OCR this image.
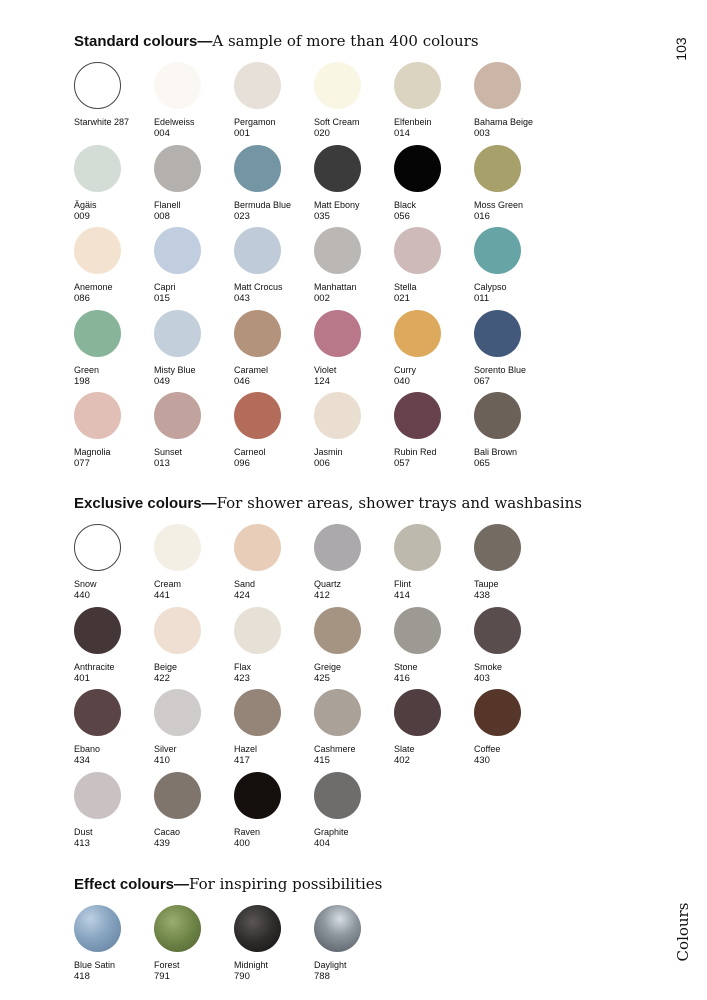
103
Colours
Standard colours—A sample of more than 400 colours
Starwhite 287	Edelweiss
004
Pergamon
001
Soft Cream
020
Elfenbein
014
Bahama Beige
003
Ägäis
009
Flanell
008
Bermuda Blue
023
Matt Ebony
035
Black
056
Moss Green
016
Anemone
086
Capri
015
Matt Crocus
043
Manhattan
002
Stella
021
Calypso
011
Green
198
Misty Blue
049
Caramel
046
Violet
124
Curry
040
Sorento Blue
067
Magnolia
077
Sunset
013
Carneol
096
Jasmin
006
Rubin Red
057
Bali Brown
065
Exclusive colours—For shower areas, shower trays and washbasins
Snow
440
Cream
441
Sand
424
Quartz
412
Flint
414
Taupe
438
Anthracite
401
Beige
422
Flax
423
Greige
425
Stone
416
Smoke
403
Ebano
434
Silver
410
Hazel
417
Cashmere
415
Slate
402
Coffee
430
Dust
413
Cacao
439
Raven
400
Graphite
404
Effect colours—For inspiring possibilities
Blue Satin
418
Forest
791
Midnight
790
Daylight
788
